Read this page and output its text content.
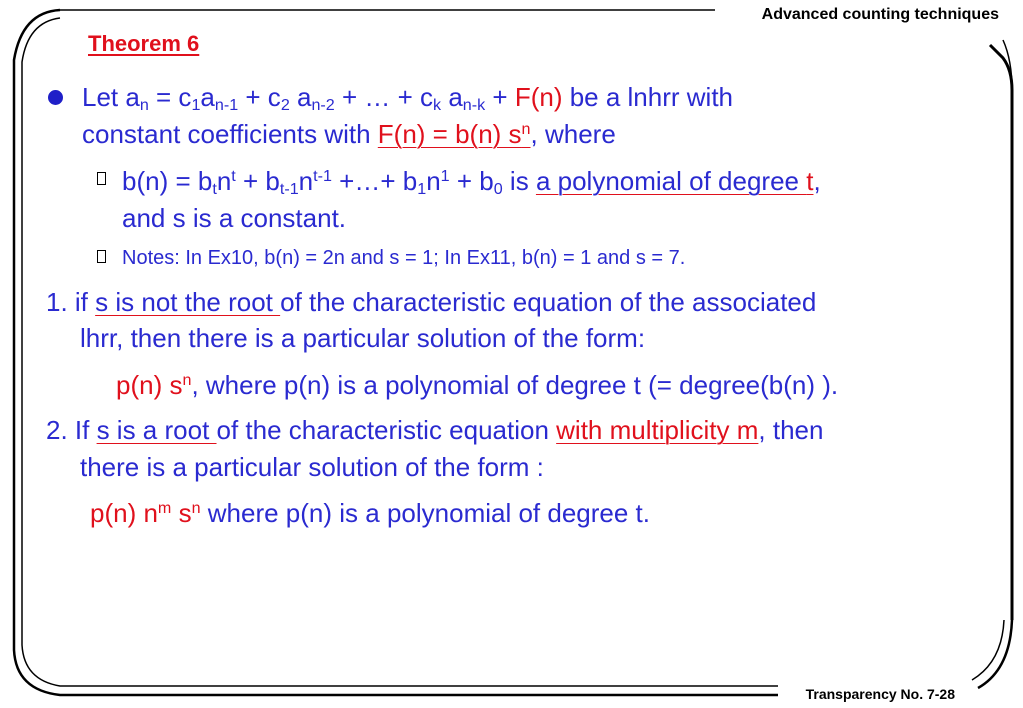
Advanced counting techniques
Transparency No. 7-28
Theorem 6
Let $a_n = c_1a_{n-1} + c_2$ $a_{n-2}$ + … + $c_k$ $a_{n-k} + F(n)$ be a lnhrr with
constant coefficients with F(n) = b(n) $s^n$, where
$b(n) = b_tn^t + b_{t-1}n^{t-1}$ +…+ $b_1n^1 + b_0$ is a polynomial of degree t,
and s is a constant.
Notes: In Ex10, b(n) = 2n and s = 1; In Ex11, b(n) = 1 and s = 7.
1. if s is not the root of the characteristic equation of the associated
lhrr, then there is a particular solution of the form:
p(n) $s^n$, where p(n) is a polynomial of degree t (= degree(b(n) ).
2. If s is a root of the characteristic equation with multiplicity m, then
there is a particular solution of the form :
p(n) $n^m$ $s^n$ where p(n) is a polynomial of degree t.
